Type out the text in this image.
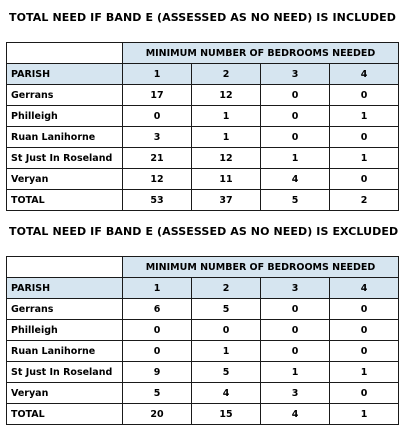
TOTAL NEED IF BAND E (ASSESSED AS NO NEED) IS INCLUDED
	MINIMUM NUMBER OF BEDROOMS NEEDED			
PARISH	1	2	3	4
Gerrans	17	12	0	0
Philleigh	0	1	0	1
Ruan Lanihorne	3	1	0	0
St Just In Roseland	21	12	1	1
Veryan	12	11	4	0
TOTAL	53	37	5	2
TOTAL NEED IF BAND E (ASSESSED AS NO NEED) IS EXCLUDED
	MINIMUM NUMBER OF BEDROOMS NEEDED			
PARISH	1	2	3	4
Gerrans	6	5	0	0
Philleigh	0	0	0	0
Ruan Lanihorne	0	1	0	0
St Just In Roseland	9	5	1	1
Veryan	5	4	3	0
TOTAL	20	15	4	1
